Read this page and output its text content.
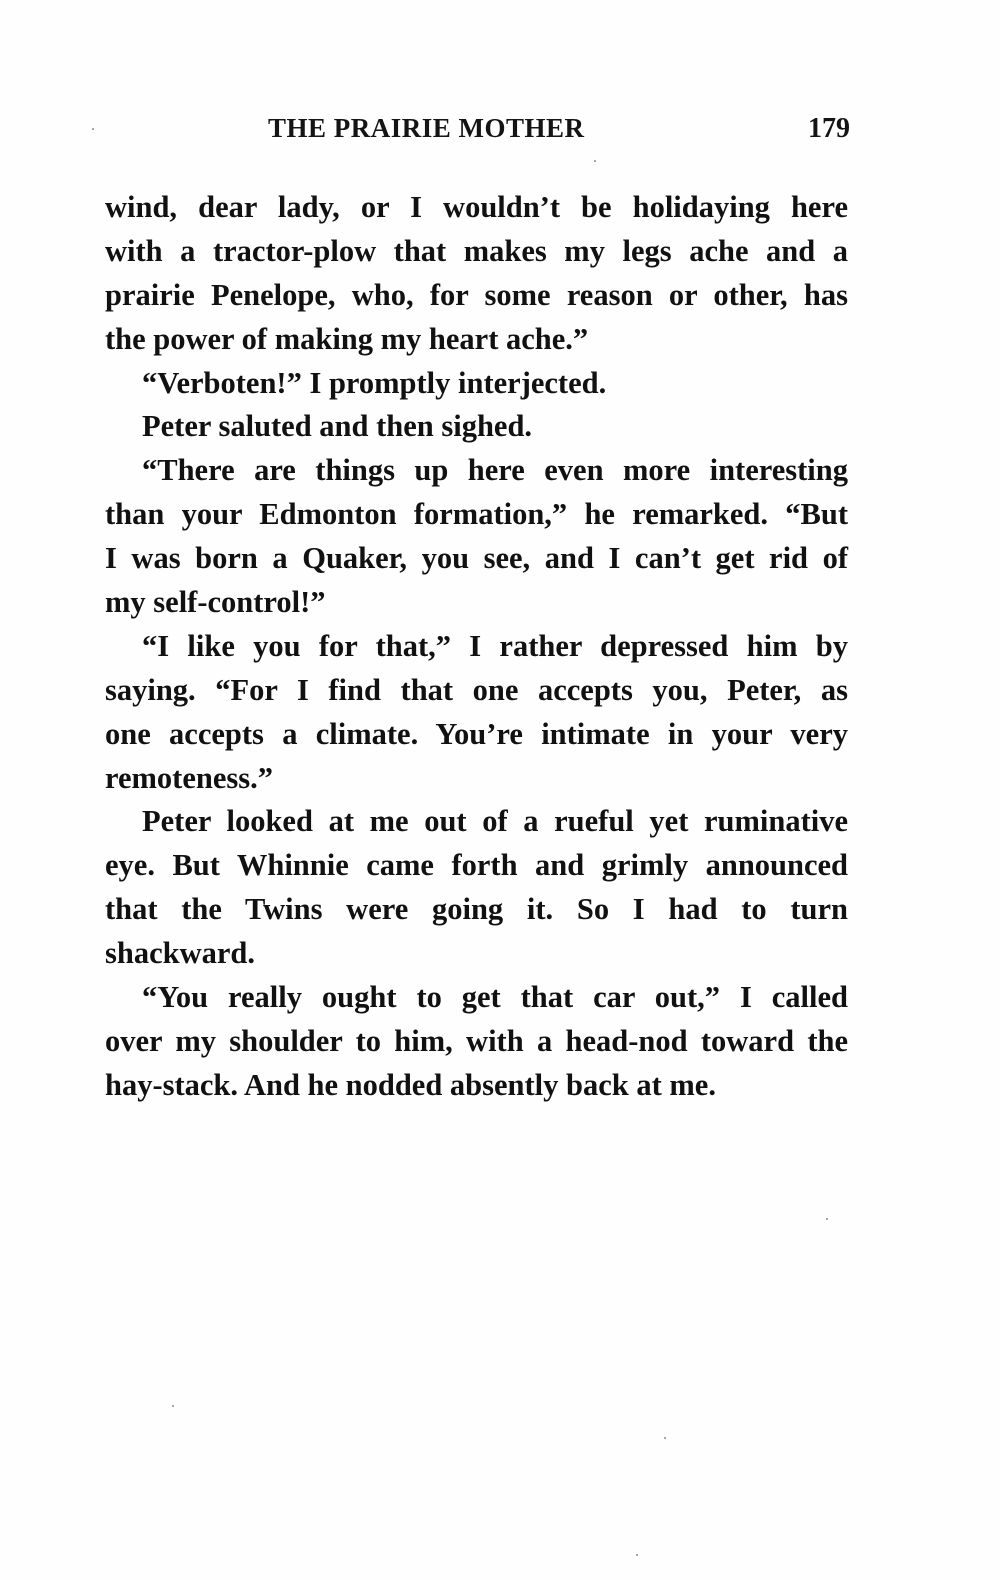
THE PRAIRIE MOTHER	179
wind, dear lady, or I wouldn’t be holidaying here
with a tractor-plow that makes my legs ache and a
prairie Penelope, who, for some reason or other, has
the power of making my heart ache.”
“Verboten!” I promptly interjected.
Peter saluted and then sighed.
“There are things up here even more interesting
than your Edmonton formation,” he remarked. “But
I was born a Quaker, you see, and I can’t get rid of
my self-control!”
“I like you for that,” I rather depressed him by
saying. “For I find that one accepts you, Peter, as
one accepts a climate. You’re intimate in your very
remoteness.”
Peter looked at me out of a rueful yet ruminative
eye. But Whinnie came forth and grimly announced
that the Twins were going it. So I had to turn
shackward.
“You really ought to get that car out,” I called
over my shoulder to him, with a head-nod toward the
hay-stack. And he nodded absently back at me.
